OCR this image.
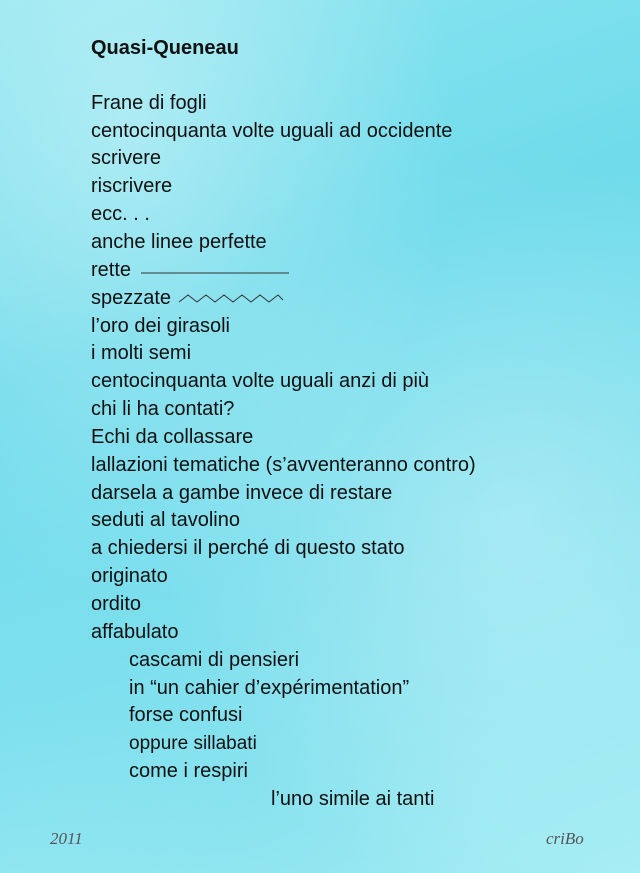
Quasi-Queneau
Frane di fogli
centocinquanta volte uguali ad occidente
scrivere
riscrivere
ecc. . .
anche linee perfette
rette
spezzate
l’oro dei girasoli
i molti semi
centocinquanta volte uguali anzi di più
chi li ha contati?
Echi da collassare
lallazioni tematiche (s’avventeranno contro)
darsela a gambe invece di restare
seduti al tavolino
a chiedersi il perché di questo stato
originato
ordito
affabulato
cascami di pensieri
in “un cahier d’expérimentation”
forse confusi
oppure sillabati
come i respiri
l’uno simile ai tanti
2011	criBo
